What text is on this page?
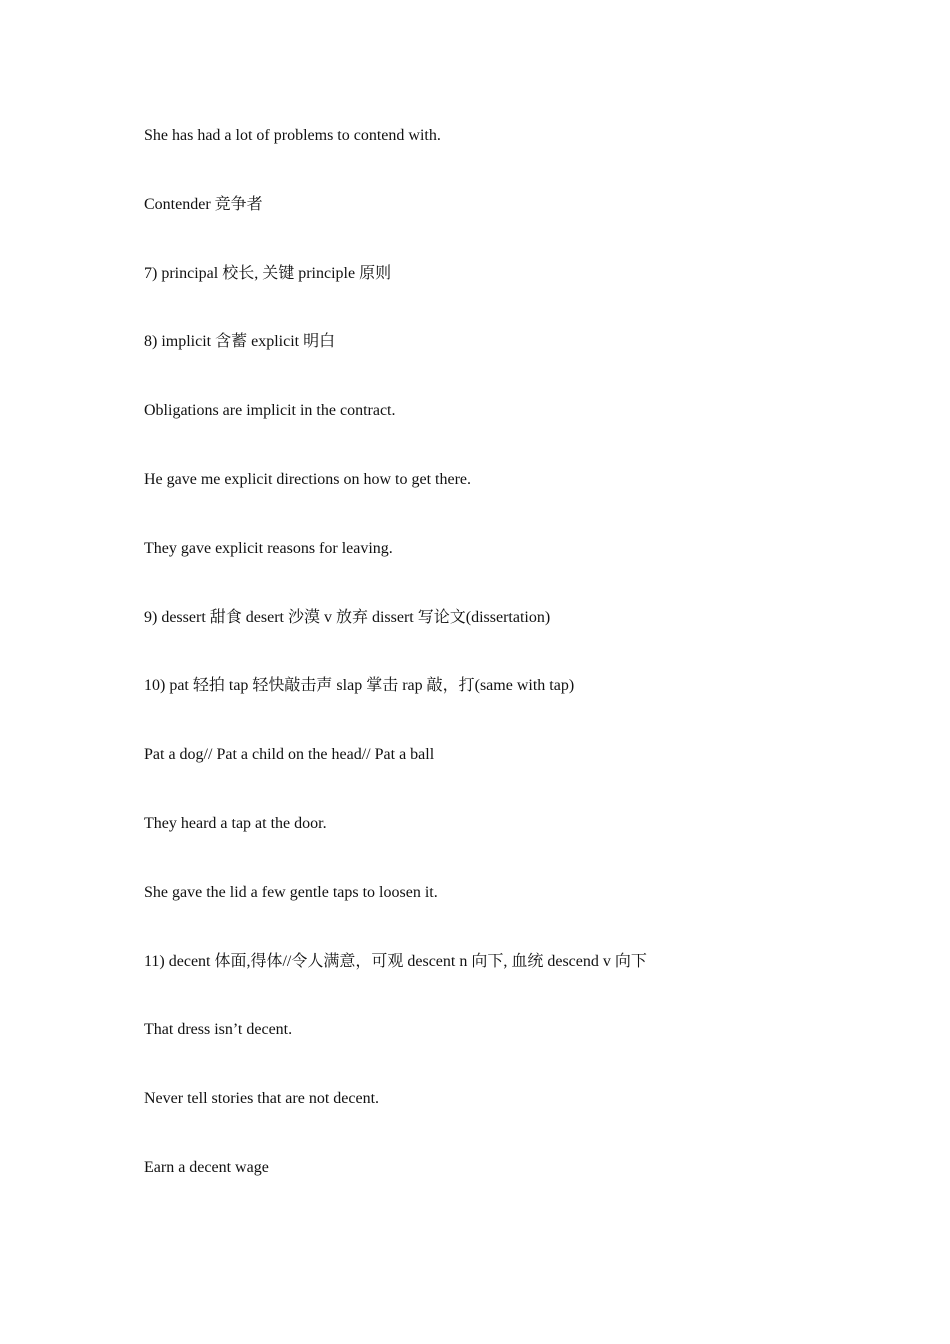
She has had a lot of problems to contend with.
Contender 竞争者
7) principal 校长, 关键 principle 原则
8) implicit 含蓄 explicit 明白
Obligations are implicit in the contract.
He gave me explicit directions on how to get there.
They gave explicit reasons for leaving.
9) dessert 甜食 desert 沙漠 v 放弃 dissert 写论文(dissertation)
10) pat 轻拍 tap 轻快敲击声 slap 掌击 rap 敲，打(same with tap)
Pat a dog// Pat a child on the head// Pat a ball
They heard a tap at the door.
She gave the lid a few gentle taps to loosen it.
11) decent 体面,得体//令人满意，可观 descent n 向下, 血统 descend v 向下
That dress isn’t decent.
Never tell stories that are not decent.
Earn a decent wage
